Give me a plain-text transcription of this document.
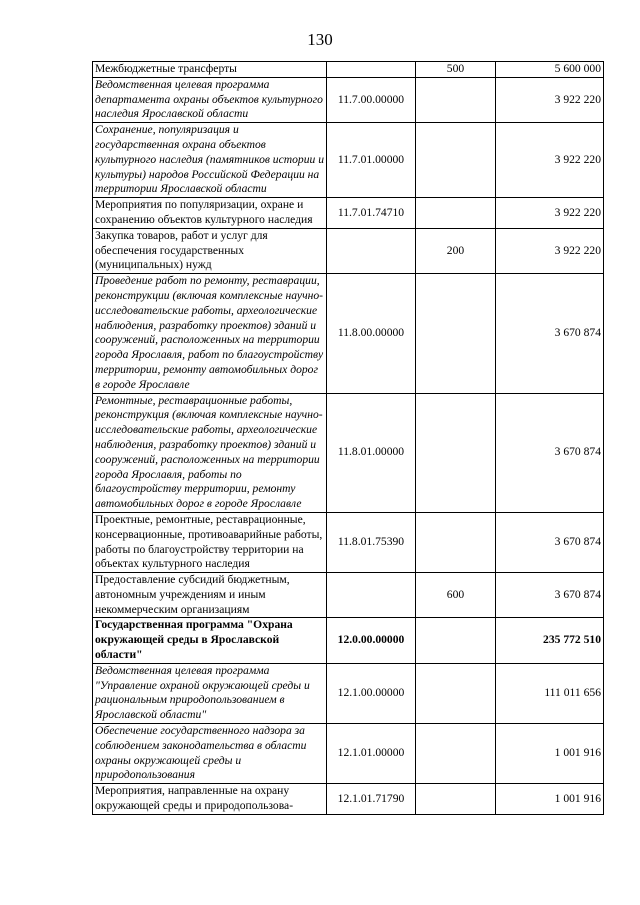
130
Межбюджетные трансферты		500	5 600 000
Ведомственная целевая программа департамента охраны объектов культурного наследия Ярославской области	11.7.00.00000		3 922 220
Сохранение, популяризация и государственная охрана объектов культурного наследия (памятников истории и культуры) народов Российской Федерации на территории Ярославской области	11.7.01.00000		3 922 220
Мероприятия по популяризации, охране и сохранению объектов культурного наследия	11.7.01.74710		3 922 220
Закупка товаров, работ и услуг для обеспечения государственных (муниципальных) нужд		200	3 922 220
Проведение работ по ремонту, реставрации, реконструкции (включая комплексные научно-исследовательские работы, археологические наблюдения, разработку проектов) зданий и сооружений, расположенных на территории города Ярославля, работ по благоустройству территории, ремонту автомобильных дорог в городе Ярославле	11.8.00.00000		3 670 874
Ремонтные, реставрационные работы, реконструкция (включая комплексные научно-исследовательские работы, археологические наблюдения, разработку проектов) зданий и сооружений, расположенных на территории города Ярославля, работы по благоустройству территории, ремонту автомобильных дорог в городе Ярославле	11.8.01.00000		3 670 874
Проектные, ремонтные, реставрационные, консервационные, противоаварийные работы, работы по благоустройству территории на объектах культурного наследия	11.8.01.75390		3 670 874
Предоставление субсидий бюджетным, автономным учреждениям и иным некоммерческим организациям		600	3 670 874
Государственная программа "Охрана окружающей среды в Ярославской области"	12.0.00.00000		235 772 510
Ведомственная целевая программа "Управление охраной окружающей среды и рациональным природопользованием в Ярославской области"	12.1.00.00000		111 011 656
Обеспечение государственного надзора за соблюдением законодательства в области охраны окружающей среды и природопользования	12.1.01.00000		1 001 916
Мероприятия, направленные на охрану окружающей среды и природопользова-	12.1.01.71790		1 001 916
